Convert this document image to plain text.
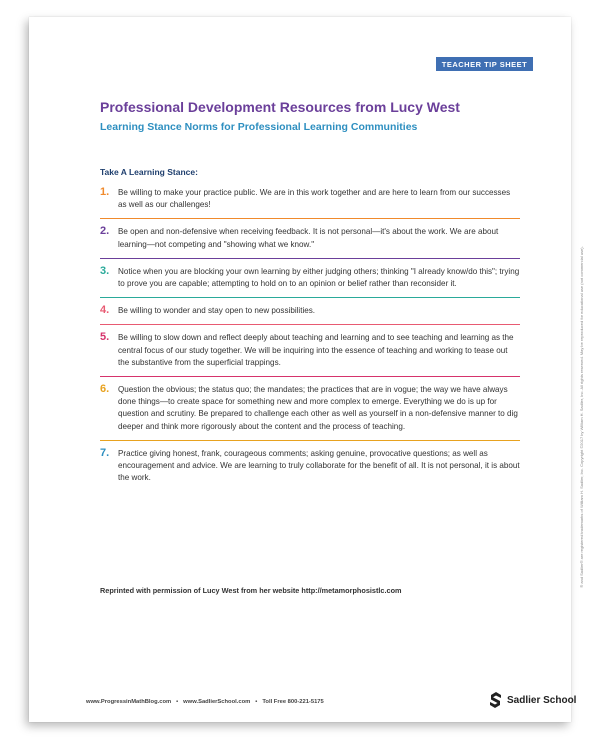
TEACHER TIP SHEET
Professional Development Resources from Lucy West
Learning Stance Norms for Professional Learning Communities
Take A Learning Stance:
1. Be willing to make your practice public. We are in this work together and are here to learn from our successes as well as our challenges!
2. Be open and non-defensive when receiving feedback. It is not personal—it's about the work. We are about learning—not competing and "showing what we know."
3. Notice when you are blocking your own learning by either judging others; thinking "I already know/do this"; trying to prove you are capable; attempting to hold on to an opinion or belief rather than reconsider it.
4. Be willing to wonder and stay open to new possibilities.
5. Be willing to slow down and reflect deeply about teaching and learning and to see teaching and learning as the central focus of our study together. We will be inquiring into the essence of teaching and working to tease out the substantive from the superficial trappings.
6. Question the obvious; the status quo; the mandates; the practices that are in vogue; the way we have always done things—to create space for something new and more complex to emerge. Everything we do is up for question and scrutiny. Be prepared to challenge each other as well as yourself in a non-defensive manner to dig deeper and think more rigorously about the content and the process of teaching.
7. Practice giving honest, frank, courageous comments; asking genuine, provocative questions; as well as encouragement and advice. We are learning to truly collaborate for the benefit of all. It is not personal, it is about the work.
Reprinted with permission of Lucy West from her website http://metamorphosistlc.com
® and Sadlier® are registered trademarks of William H. Sadlier, Inc. Copyright ©2017 by William H. Sadlier, Inc. All rights reserved. May be reproduced for educational use (not commercial use).
www.ProgressinMathBlog.com • www.SadlierSchool.com • Toll Free 800-221-5175	Sadlier School
